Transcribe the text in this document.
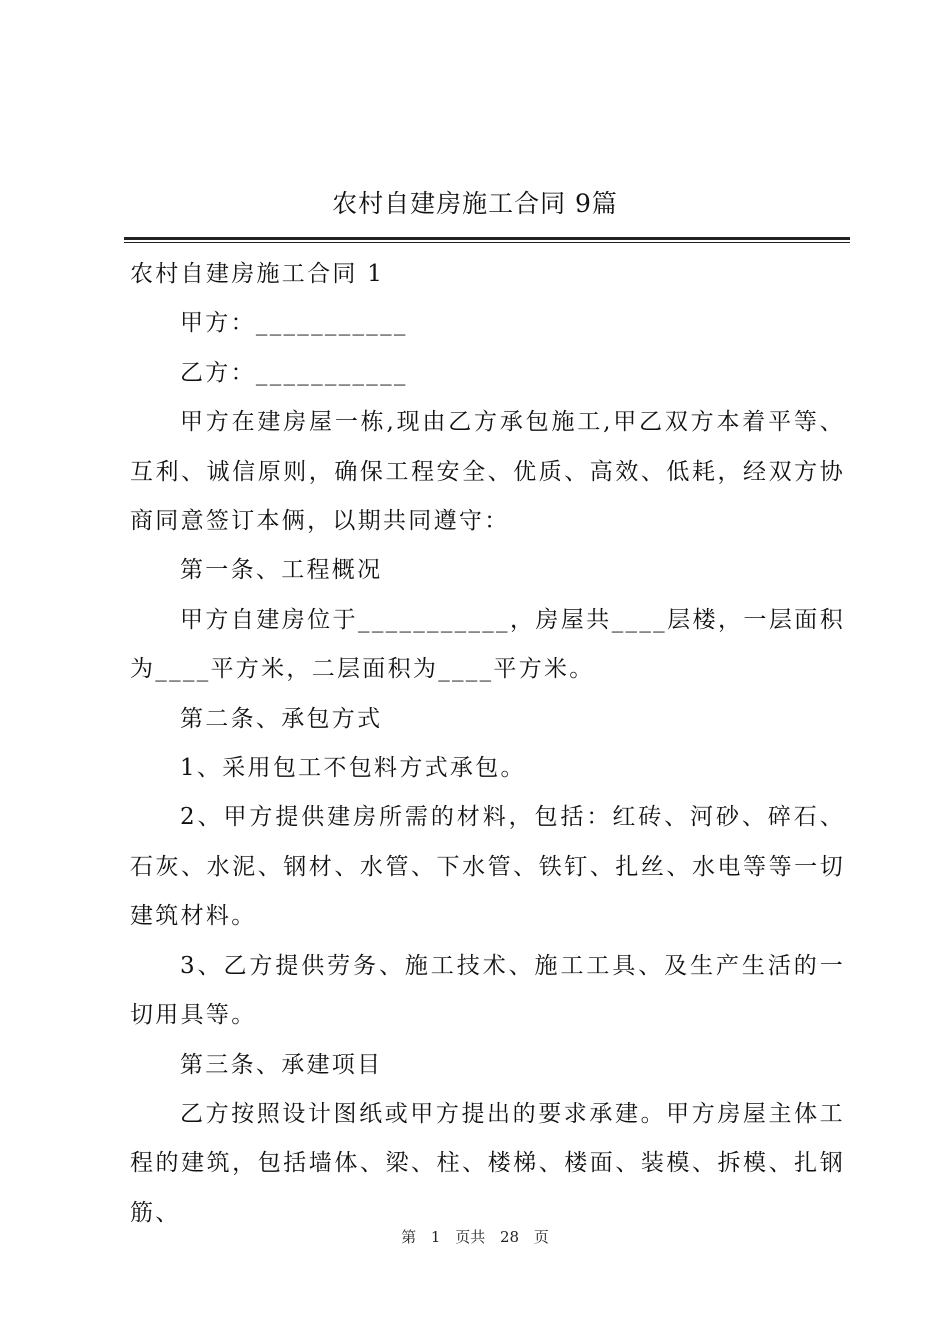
农村自建房施工合同 9篇

农村自建房施工合同 1

甲方：___________

乙方：___________

甲方在建房屋一栋,现由乙方承包施工,甲乙双方本着平等、互利、诚信原则，确保工程安全、优质、高效、低耗，经双方协商同意签订本俩，以期共同遵守：

第一条、工程概况

甲方自建房位于___________，房屋共____层楼，一层面积为____平方米，二层面积为____平方米。

第二条、承包方式

1、采用包工不包料方式承包。

2、甲方提供建房所需的材料，包括：红砖、河砂、碎石、石灰、水泥、钢材、水管、下水管、铁钉、扎丝、水电等等一切建筑材料。

3、乙方提供劳务、施工技术、施工工具、及生产生活的一切用具等。

第三条、承建项目

乙方按照设计图纸或甲方提出的要求承建。甲方房屋主体工程的建筑，包括墙体、梁、柱、楼梯、楼面、装模、拆模、扎钢筋、

第 1 页共 28 页
